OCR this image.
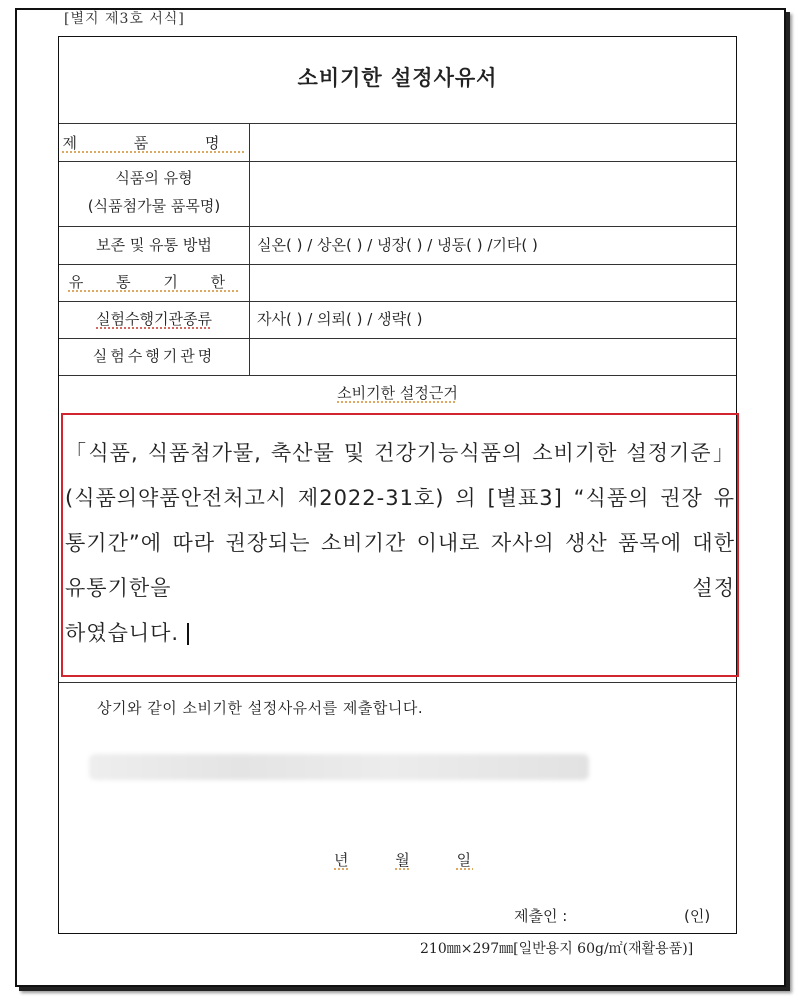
[별지 제3호 서식]
소비기한 설정사유서
제 품 명
식품의 유형
(식품첨가물 품목명)
보존 및 유통 방법	실온( ) / 상온( ) / 냉장( ) / 냉동( ) /기타( )
유 통 기 한
실험수행기관종류	자사( ) / 의뢰( ) / 생략( )
실험수행기관명
소비기한 설정근거
상기와 같이 소비기한 설정사유서를 제출합니다.
년	월	일
제출인 :	(인)
「식품, 식품첨가물, 축산물 및 건강기능식품의 소비기한 설정기준」(식품의약품안전처고시 제2022-31호) 의 [별표3] “식품의 권장 유통기간”에 따라 권장되는 소비기간 이내로 자사의 생산 품목에 대한 유통기한을 설정
하였습니다.
210㎜×297㎜[일반용지 60g/㎡(재활용품)]
